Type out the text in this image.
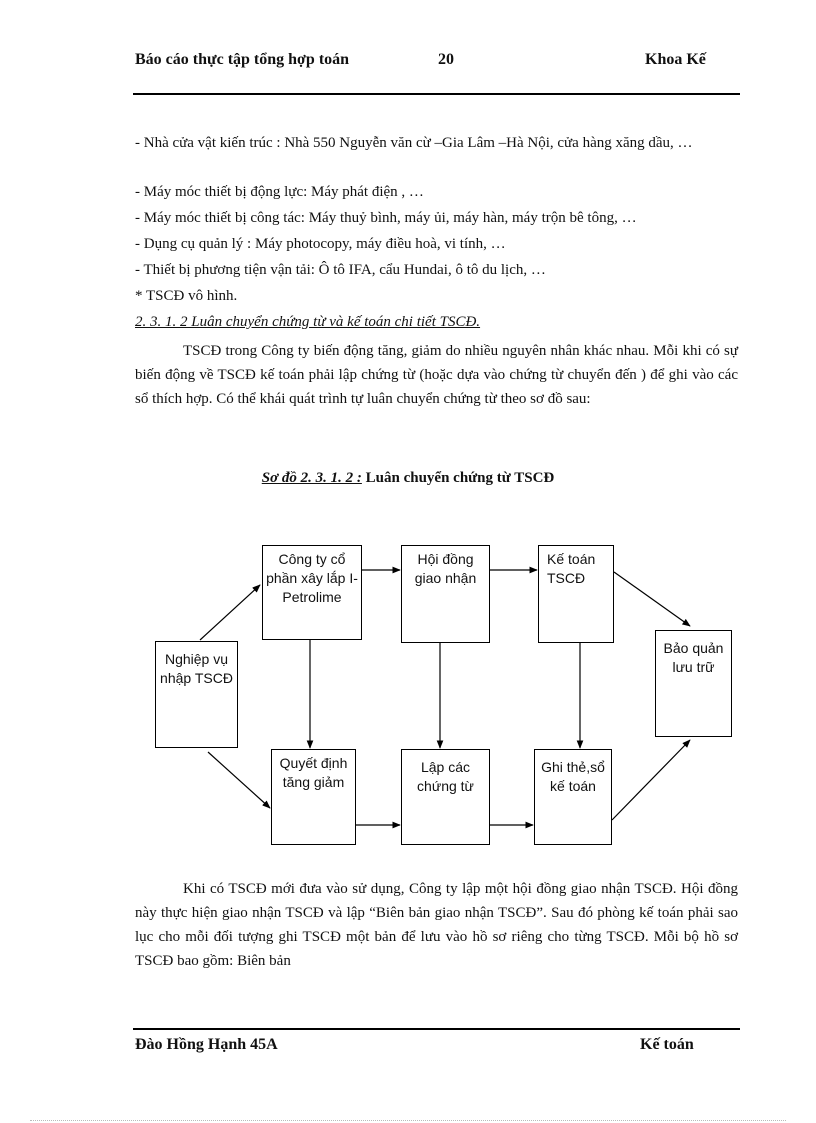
Báo cáo thực tập tổng hợp toán	20	Khoa Kế
- Nhà cửa vật kiến trúc : Nhà 550 Nguyễn văn cừ –Gia Lâm –Hà Nội, cửa hàng xăng dầu, …
- Máy móc thiết bị động lực: Máy phát điện , …
- Máy móc thiết bị công tác: Máy thuỷ bình, máy ủi, máy hàn, máy trộn bê tông, …
- Dụng cụ quản lý : Máy photocopy, máy điều hoà, vi tính, …
- Thiết bị phương tiện vận tải: Ô tô IFA, cẩu Hundai, ô tô du lịch, …
* TSCĐ vô hình.
2. 3. 1. 2 Luân chuyển chứng từ và kế toán chi tiết TSCĐ.
TSCĐ trong Công ty biến động tăng, giảm do nhiều nguyên nhân khác nhau. Mỗi khi có sự biến động về TSCĐ kế toán phải lập chứng từ (hoặc dựa vào chứng từ chuyển đến ) để ghi vào các sổ thích hợp. Có thể khái quát trình tự luân chuyển chứng từ theo sơ đồ sau:
Sơ đồ 2. 3. 1. 2 : Luân chuyển chứng từ TSCĐ
Nghiệp vụ nhập TSCĐ
Công ty cổ phần xây lắp I-Petrolime
Hội đồng giao nhận
Kế toán TSCĐ
Bảo quản lưu trữ
Quyết định tăng giảm
Lập các chứng từ
Ghi thẻ,sổ kế toán
Khi có TSCĐ mới đưa vào sử dụng, Công ty lập một hội đồng giao nhận TSCĐ. Hội đồng này thực hiện giao nhận TSCĐ và lập “Biên bản giao nhận TSCĐ”. Sau đó phòng kế toán phải sao lục cho mỗi đối tượng ghi TSCĐ một bản để lưu vào hồ sơ riêng cho từng TSCĐ. Mỗi bộ hồ sơ TSCĐ bao gồm: Biên bản
Đào Hồng Hạnh 45A	Kế toán
